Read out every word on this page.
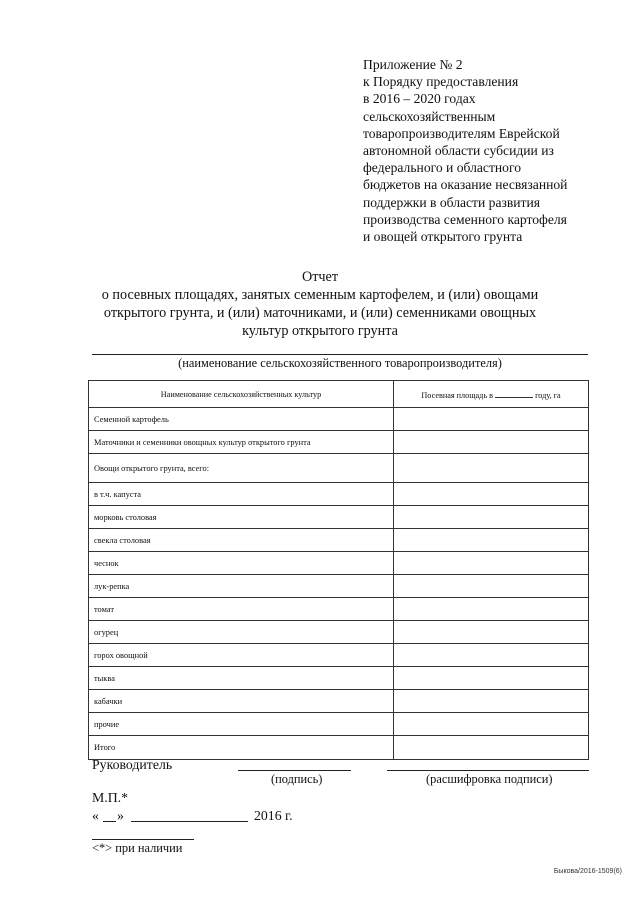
Приложение № 2
к Порядку предоставления
в 2016 – 2020 годах
сельскохозяйственным
товаропроизводителям Еврейской
автономной области субсидии из
федерального и областного
бюджетов на оказание несвязанной
поддержки в области развития
производства семенного картофеля
и овощей открытого грунта
Отчет
о посевных площадях, занятых семенным картофелем, и (или) овощами
открытого грунта, и (или) маточниками, и (или) семенниками овощных
культур открытого грунта
(наименование сельскохозяйственного товаропроизводителя)
Наименование сельскохозяйственных культур	Посевная площадь в году, га
Семенной картофель	
Маточники и семенники овощных культур открытого грунта	
Овощи открытого грунта, всего:	
в т.ч. капуста	
морковь столовая	
свекла столовая	
чеснок	
лук-репка	
томат	
огурец	
горох овощной	
тыква	
кабачки	
прочие	
Итого	
Руководитель
(подпись)	(расшифровка подписи)
М.П.*
« »	2016 г.
<*> при наличии
Быкова/2016-1509(6)
